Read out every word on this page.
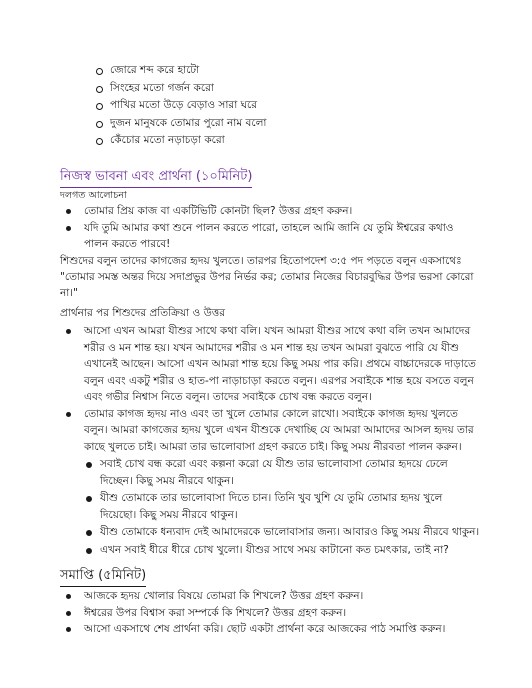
জোরে শব্দ করে হাটো
সিংহের মতো গর্জন করো
পাখির মতো উড়ে বেড়াও সারা ঘরে
দুজন মানুষকে তোমার পুরো নাম বলো
কেঁচোর মতো নড়াচড়া করো
নিজস্ব ভাবনা এবং প্রার্থনা (১০মিনিট)

দলগত আলোচনা

তোমার প্রিয় কাজ বা একটিভিটি কোনটা ছিল? উত্তর গ্রহণ করুন।
যদি তুমি আমার কথা শুনে পালন করতে পারো, তাহলে আমি জানি যে তুমি ঈশ্বরের কথাও পালন করতে পারবে!

শিশুদের বলুন তাদের কাগজের হৃদয় খুলতে। তারপর হিতোপদেশ ৩:৫ পদ পড়তে বলুন একসাথেঃ

"তোমার সমস্ত অন্তর দিয়ে সদাপ্রভুর উপর নির্ভর কর; তোমার নিজের বিচারবুদ্ধির উপর ভরসা কোরো না।"

প্রার্থনার পর শিশুদের প্রতিক্রিয়া ও উত্তর

আসো এখন আমরা যীশুর সাথে কথা বলি। যখন আমরা যীশুর সাথে কথা বলি তখন আমাদের শরীর ও মন শান্ত হয়। যখন আমাদের শরীর ও মন শান্ত হয় তখন আমরা বুঝতে পারি যে যীশু এখানেই আছেন। আসো এখন আমরা শান্ত হয়ে কিছু সময় পার করি। প্রথমে বাচ্চাদেরকে দাড়াতে বলুন এবং একটু শরীর ও হাত-পা নাড়াচাড়া করতে বলুন। এরপর সবাইকে শান্ত হয়ে বসতে বলুন এবং গভীর নিশ্বাস নিতে বলুন। তাদের সবাইকে চোখ বন্ধ করতে বলুন।
তোমার কাগজ হৃদয় নাও এবং তা খুলে তোমার কোলে রাখো। সবাইকে কাগজ হৃদয় খুলতে বলুন। আমরা কাগজের হৃদয় খুলে এখন যীশুকে দেখাচ্ছি যে আমরা আমাদের আসল হৃদয় তার কাছে খুলতে চাই। আমরা তার ভালোবাসা গ্রহণ করতে চাই। কিছু সময় নীরবতা পালন করুন।
সবাই চোখ বন্ধ করো এবং কল্পনা করো যে যীশু তার ভালোবাসা তোমার হৃদয়ে ঢেলে দিচ্ছেন। কিছু সময় নীরবে থাকুন।
যীশু তোমাকে তার ভালোবাসা দিতে চান। তিনি খুব খুশি যে তুমি তোমার হৃদয় খুলে দিয়েছো। কিছু সময় নীরবে থাকুন।
যীশু তোমাকে ধন্যবাদ দেই আমাদেরকে ভালোবাসার জন্য। আবারও কিছু সময় নীরবে থাকুন।
এখন সবাই ধীরে ধীরে চোখ খুলো। যীশুর সাথে সময় কাটানো কত চমৎকার, তাই না?
সমাপ্তি (৫মিনিট)
আজকে হৃদয় খোলার বিষয়ে তোমরা কি শিখলে? উত্তর গ্রহণ করুন।
ঈশ্বরের উপর বিশ্বাস করা সম্পর্কে কি শিখলে? উত্তর গ্রহণ করুন।
আসো একসাথে শেষ প্রার্থনা করি। ছোট একটা প্রার্থনা করে আজকের পাঠ সমাপ্তি করুন।
